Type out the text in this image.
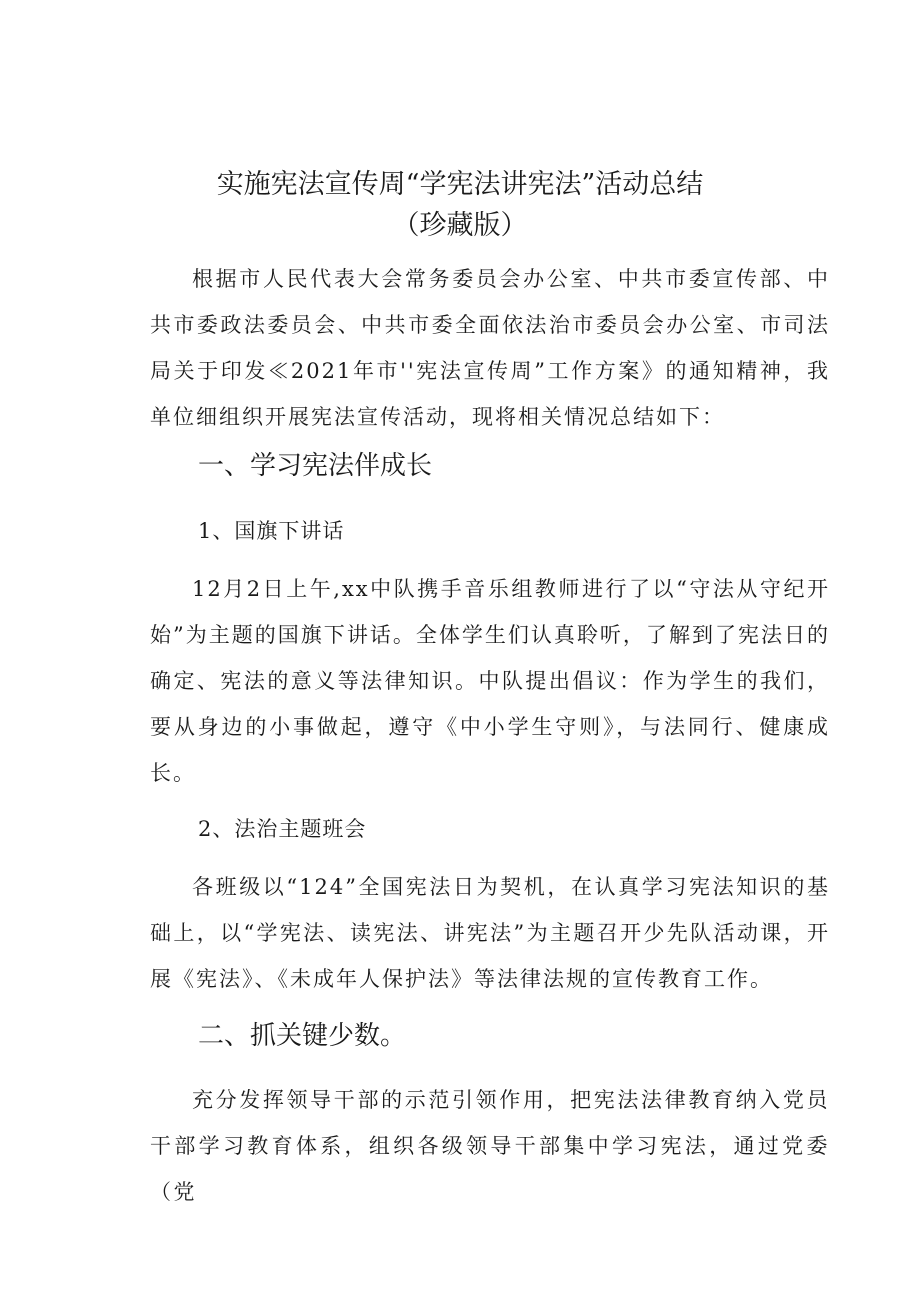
实施宪法宣传周“学宪法讲宪法”活动总结
（珍藏版）
根据市人民代表大会常务委员会办公室、中共市委宣传部、中共市委政法委员会、中共市委全面依法治市委员会办公室、市司法局关于印发≪2021年市''宪法宣传周”工作方案》的通知精神，我单位细组织开展宪法宣传活动，现将相关情况总结如下：
一、学习宪法伴成长
1、国旗下讲话
12月2日上午,xx中队携手音乐组教师进行了以“守法从守纪开始”为主题的国旗下讲话。全体学生们认真聆听，了解到了宪法日的确定、宪法的意义等法律知识。中队提出倡议：作为学生的我们，要从身边的小事做起，遵守《中小学生守则》，与法同行、健康成长。
2、法治主题班会
各班级以“124”全国宪法日为契机，在认真学习宪法知识的基础上，以“学宪法、读宪法、讲宪法”为主题召开少先队活动课，开展《宪法》、《未成年人保护法》等法律法规的宣传教育工作。
二、抓关键少数。
充分发挥领导干部的示范引领作用，把宪法法律教育纳入党员干部学习教育体系，组织各级领导干部集中学习宪法，通过党委（党
